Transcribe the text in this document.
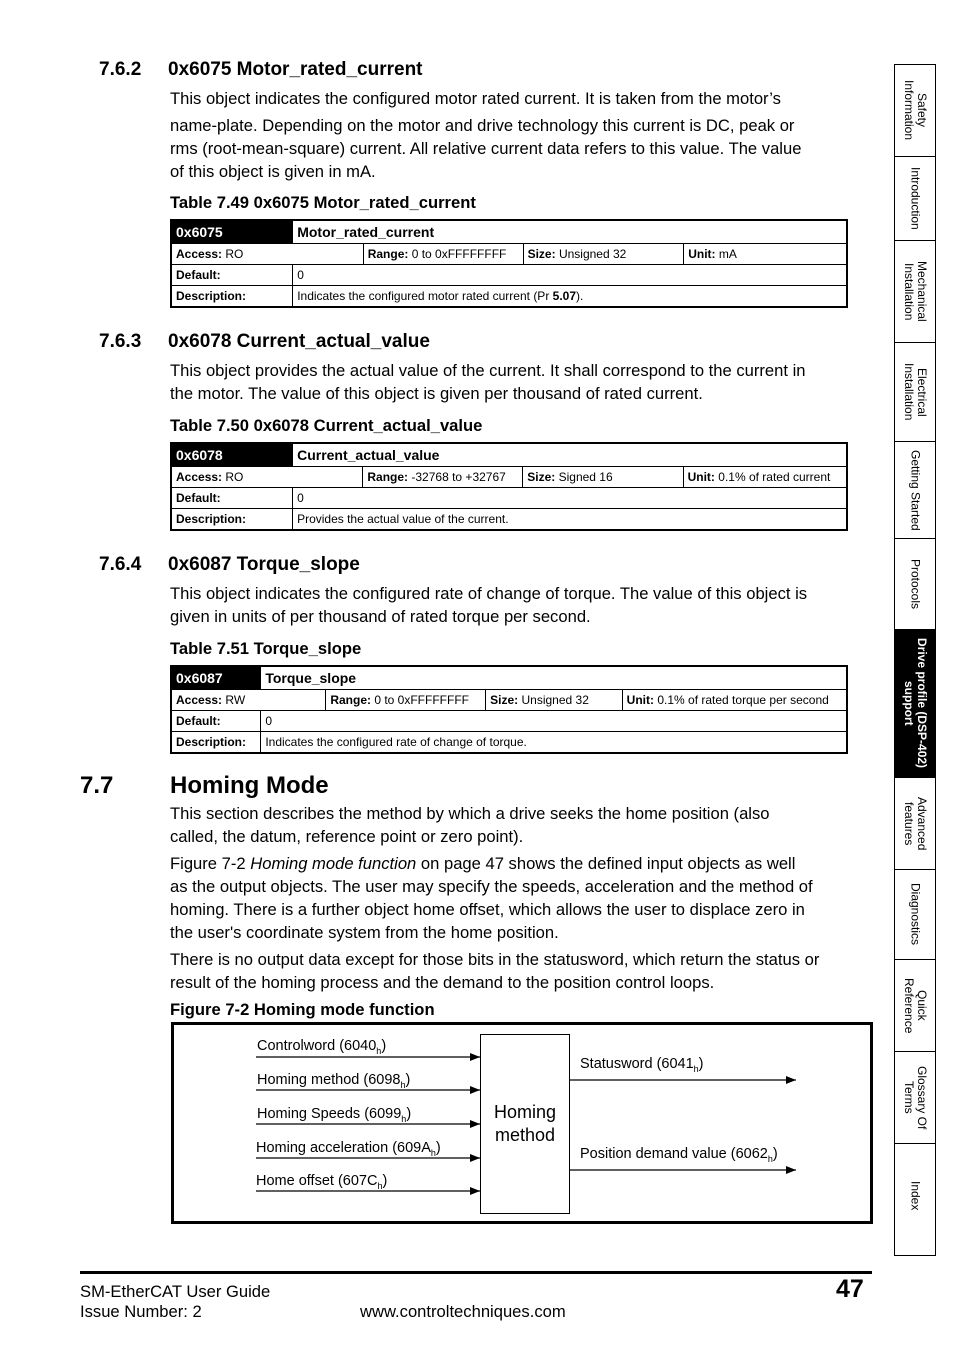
7.6.2 0x6075 Motor_rated_current
This object indicates the configured motor rated current. It is taken from the motor’s
name-plate. Depending on the motor and drive technology this current is DC, peak or
rms (root-mean-square) current. All relative current data refers to this value. The value
of this object is given in mA.
Table 7.49 0x6075 Motor_rated_current
0x6075	Motor_rated_current			
Access: RO		Range: 0 to 0xFFFFFFFF	Size: Unsigned 32	Unit: mA
Default:	0			
Description:	Indicates the configured motor rated current (Pr 5.07).			
7.6.3 0x6078 Current_actual_value
This object provides the actual value of the current. It shall correspond to the current in
the motor. The value of this object is given per thousand of rated current.
Table 7.50 0x6078 Current_actual_value
0x6078	Current_actual_value			
Access: RO		Range: -32768 to +32767	Size: Signed 16	Unit: 0.1% of rated current
Default:	0			
Description:	Provides the actual value of the current.			
7.6.4 0x6087 Torque_slope
This object indicates the configured rate of change of torque. The value of this object is
given in units of per thousand of rated torque per second.
Table 7.51 Torque_slope
0x6087	Torque_slope			
Access: RW		Range: 0 to 0xFFFFFFFF	Size: Unsigned 32	Unit: 0.1% of rated torque per second
Default:	0			
Description:	Indicates the configured rate of change of torque.			
7.7 Homing Mode
This section describes the method by which a drive seeks the home position (also
called, the datum, reference point or zero point).
Figure 7-2 Homing mode function on page 47 shows the defined input objects as well
as the output objects. The user may specify the speeds, acceleration and the method of
homing. There is a further object home offset, which allows the user to displace zero in
the user's coordinate system from the home position.
There is no output data except for those bits in the statusword, which return the status or
result of the homing process and the demand to the position control loops.
Figure 7-2 Homing mode function
Controlword $(6040_h)$
Homing method $(6098_h)$
Homing Speeds $(6099_h)$
Homing acceleration $(609A_h)$
Home offset $(607C_h)$
Homing
method
Statusword $(6041_h)$
Position demand value $(6062_h)$
Safety
Information
Introduction
Mechanical
Installation
Electrical
Installation
Getting Started
Protocols
Drive profile (DSP-402)
support
Advanced
features
Diagnostics
Quick
Reference
Glossary Of
Terms
Index
SM-EtherCAT User Guide
Issue Number: 2	www.controltechniques.com
47
